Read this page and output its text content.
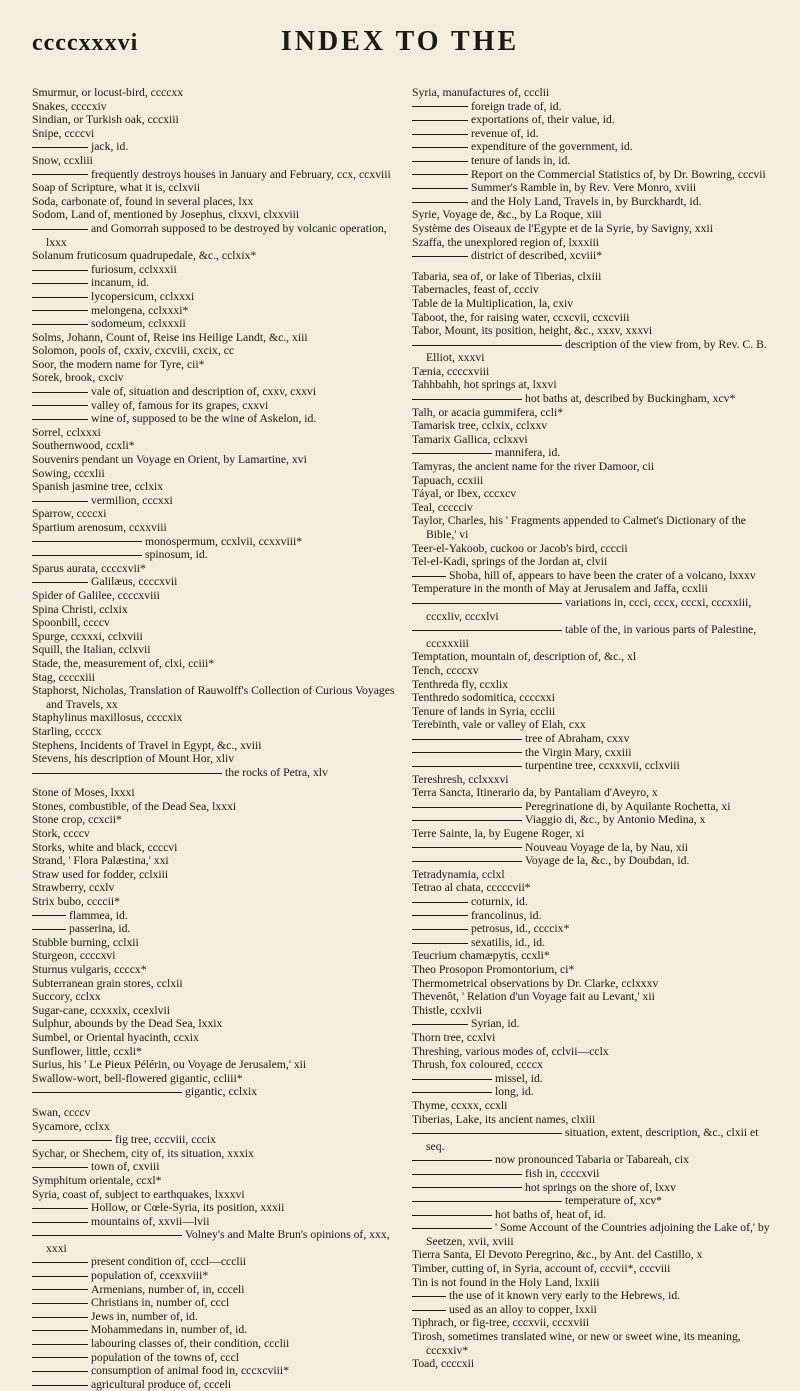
ccccxxxvi	INDEX TO THE

Smurmur, or locust-bird, ccccxx

Snakes, ccccxiv

Sindian, or Turkish oak, cccxiii

Snipe, ccccvi

jack, id.

Snow, ccxliii

frequently destroys houses in January and February, ccx, ccxviii

Soap of Scripture, what it is, cclxvii

Soda, carbonate of, found in several places, lxx

Sodom, Land of, mentioned by Josephus, clxxvi, clxxviii

and Gomorrah supposed to be destroyed by volcanic operation, lxxx

Solanum fruticosum quadrupedale, &c., cclxix*

furiosum, cclxxxii

incanum, id.

lycopersicum, cclxxxi

melongena, cclxxxi*

sodomeum, cclxxxii

Solms, Johann, Count of, Reise ins Heilige Landt, &c., xiii

Solomon, pools of, cxxiv, cxcviii, cxcix, cc

Soor, the modern name for Tyre, cii*

Sorek, brook, cxciv

vale of, situation and description of, cxxv, cxxvi

valley of, famous for its grapes, cxxvi

wine of, supposed to be the wine of Askelon, id.

Sorrel, cclxxxi

Southernwood, ccxli*

Souvenirs pendant un Voyage en Orient, by Lamartine, xvi

Sowing, cccxlii

Spanish jasmine tree, cclxix

vermilion, cccxxi

Sparrow, ccccxi

Spartium arenosum, ccxxviii

monospermum, ccxlvii, ccxxviii*

spinosum, id.

Sparus aurata, ccccxvii*

Galilæus, ccccxvii

Spider of Galilee, ccccxviii

Spina Christi, cclxix

Spoonbill, ccccv

Spurge, ccxxxi, cclxviii

Squill, the Italian, cclxvii

Stade, the, measurement of, clxi, cciii*

Stag, ccccxiii

Staphorst, Nicholas, Translation of Rauwolff's Collection of Curious Voyages and Travels, xx

Staphylinus maxillosus, ccccxix

Starling, ccccx

Stephens, Incidents of Travel in Egypt, &c., xviii

Stevens, his description of Mount Hor, xliv

the rocks of Petra, xlv

Stone of Moses, lxxxi

Stones, combustible, of the Dead Sea, lxxxi

Stone crop, ccxcii*

Stork, ccccv

Storks, white and black, ccccvi

Strand, ' Flora Palæstina,' xxi

Straw used for fodder, cclxiii

Strawberry, ccxlv

Strix bubo, ccccii*

flammea, id.

passerina, id.

Stubble burning, cclxii

Sturgeon, ccccxvi

Sturnus vulgaris, ccccx*

Subterranean grain stores, cclxii

Succory, cclxx

Sugar-cane, ccxxxix, ccexlvii

Sulphur, abounds by the Dead Sea, lxxix

Sumbel, or Oriental hyacinth, ccxix

Sunflower, little, ccxli*

Surius, his ' Le Pieux Pélérin, ou Voyage de Jerusalem,' xii

Swallow-wort, bell-flowered gigantic, ccliii*

gigantic, cclxix

Swan, ccccv

Sycamore, cclxx

fig tree, cccviii, cccix

Sychar, or Shechem, city of, its situation, xxxix

town of, cxviii

Symphitum orientale, ccxl*

Syria, coast of, subject to earthquakes, lxxxvi

Hollow, or Cœle-Syria, its position, xxxii

mountains of, xxvii—lvii

Volney's and Malte Brun's opinions of, xxx, xxxi

present condition of, cccl—ccclii

population of, ccexxviii*

Armenians, number of, in, ccceli

Christians in, number of, cccl

Jews in, number of, id.

Mohammedans in, number of, id.

labouring classes of, their condition, ccclii

population of the towns of, cccl

consumption of animal food in, cccxcviii*

agricultural produce of, ccceli

Syria, manufactures of, ccclii

foreign trade of, id.

exportations of, their value, id.

revenue of, id.

expenditure of the government, id.

tenure of lands in, id.

Report on the Commercial Statistics of, by Dr. Bowring, cccvii

Summer's Ramble in, by Rev. Vere Monro, xviii

and the Holy Land, Travels in, by Burckhardt, id.

Syrie, Voyage de, &c., by La Roque, xiii

Système des Oiseaux de l'Egypte et de la Syrie, by Savigny, xxii

Szaffa, the unexplored region of, lxxxiii

district of described, xcviii*

Tabaria, sea of, or lake of Tiberias, clxiii

Tabernacles, feast of, ccciv

Table de la Multiplication, la, cxiv

Taboot, the, for raising water, ccxcvii, ccxcviii

Tabor, Mount, its position, height, &c., xxxv, xxxvi

description of the view from, by Rev. C. B. Elliot, xxxvi

Tænia, ccccxviii

Tahhbahh, hot springs at, lxxvi

hot baths at, described by Buckingham, xcv*

Talh, or acacia gummifera, ccli*

Tamarisk tree, cclxix, cclxxv

Tamarix Gallica, cclxxvi

mannifera, id.

Tamyras, the ancient name for the river Damoor, cii

Tapuach, ccxiii

Táyal, or Ibex, cccxcv

Teal, ccccciv

Taylor, Charles, his ' Fragments appended to Calmet's Dictionary of the Bible,' vi

Teer-el-Yakoob, cuckoo or Jacob's bird, ccccii

Tel-el-Kadi, springs of the Jordan at, clvii

Shoba, hill of, appears to have been the crater of a volcano, lxxxv

Temperature in the month of May at Jerusalem and Jaffa, ccxlii

variations in, ccci, cccx, cccxi, cccxxiii, cccxliv, cccxlvi

table of the, in various parts of Palestine, cccxxxiii

Temptation, mountain of, description of, &c., xl

Tench, ccccxv

Tenthreda fly, ccxlix

Tenthredo sodomitica, ccccxxi

Tenure of lands in Syria, ccclii

Terebinth, vale or valley of Elah, cxx

tree of Abraham, cxxv

the Virgin Mary, cxxiii

turpentine tree, ccxxxvii, cclxviii

Tereshresh, cclxxxvi

Terra Sancta, Itinerario da, by Pantaliam d'Aveyro, x

Peregrinatione di, by Aquilante Rochetta, xi

Viaggio di, &c., by Antonio Medina, x

Terre Sainte, la, by Eugene Roger, xi

Nouveau Voyage de la, by Nau, xii

Voyage de la, &c., by Doubdan, id.

Tetradynamia, cclxl

Tetrao al chata, cccccvii*

coturnix, id.

francolinus, id.

petrosus, id., ccccix*

sexatilis, id., id.

Teucrium chamæpytis, ccxli*

Theo Prosopon Promontorium, ci*

Thermometrical observations by Dr. Clarke, cclxxxv

Thevenôt, ' Relation d'un Voyage fait au Levant,' xii

Thistle, ccxlvii

Syrian, id.

Thorn tree, ccxlvi

Threshing, various modes of, cclvii—cclx

Thrush, fox coloured, ccccx

missel, id.

long, id.

Thyme, ccxxx, ccxli

Tiberias, Lake, its ancient names, clxiii

situation, extent, description, &c., clxii et seq.

now pronounced Tabaria or Tabareah, cix

fish in, ccccxvii

hot springs on the shore of, lxxv

temperature of, xcv*

hot baths of, heat of, id.

' Some Account of the Countries adjoining the Lake of,' by Seetzen, xvii, xviii

Tierra Santa, El Devoto Peregrino, &c., by Ant. del Castillo, x

Timber, cutting of, in Syria, account of, cccvii*, cccviii

Tin is not found in the Holy Land, lxxiii

the use of it known very early to the Hebrews, id.

used as an alloy to copper, lxxii

Tiphrach, or fig-tree, cccxvii, cccxviii

Tirosh, sometimes translated wine, or new or sweet wine, its meaning, cccxxiv*

Toad, ccccxii
